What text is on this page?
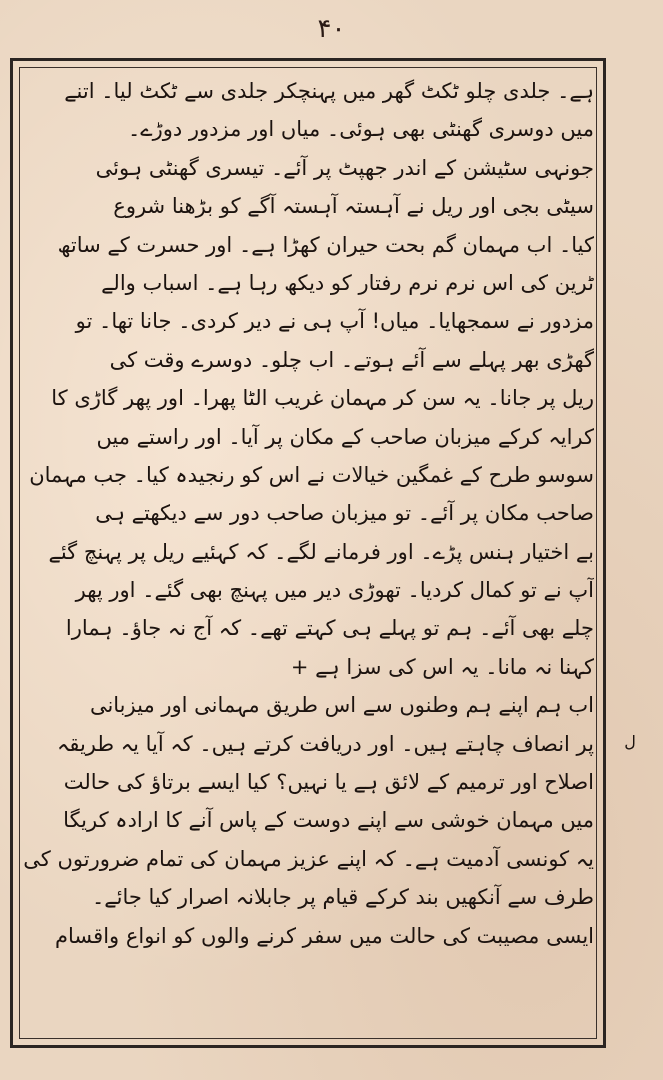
۴۰
ل
ہے۔ جلدی چلو ٹکٹ گھر میں پہنچکر جلدی سے ٹکٹ لیا۔ اتنے
میں دوسری گھنٹی بھی ہوئی۔ میاں اور مزدور دوڑے۔
جونہی سٹیشن کے اندر جھپٹ پر آئے۔ تیسری گھنٹی ہوئی
سیٹی بجی اور ریل نے آہستہ آہستہ آگے کو بڑھنا شروع
کیا۔ اب مہمان گم بحت حیران کھڑا ہے۔ اور حسرت کے ساتھ
ٹرین کی اس نرم نرم رفتار کو دیکھ رہا ہے۔ اسباب والے
مزدور نے سمجھایا۔ میاں! آپ ہی نے دیر کردی۔ جانا تھا۔ تو
گھڑی بھر پہلے سے آئے ہوتے۔ اب چلو۔ دوسرے وقت کی
ریل پر جانا۔ یہ سن کر مہمان غریب الٹا پھرا۔ اور پھر گاڑی کا
کرایہ کرکے میزبان صاحب کے مکان پر آیا۔ اور راستے میں
سوسو طرح کے غمگین خیالات نے اس کو رنجیدہ کیا۔ جب مہمان
صاحب مکان پر آئے۔ تو میزبان صاحب دور سے دیکھتے ہی
بے اختیار ہنس پڑے۔ اور فرمانے لگے۔ کہ کہئیے ریل پر پہنچ گئے
آپ نے تو کمال کردیا۔ تھوڑی دیر میں پہنچ بھی گئے۔ اور پھر
چلے بھی آئے۔ ہم تو پہلے ہی کہتے تھے۔ کہ آج نہ جاؤ۔ ہمارا
کہنا نہ مانا۔ یہ اس کی سزا ہے +
اب ہم اپنے ہم وطنوں سے اس طریق مہمانی اور میزبانی
پر انصاف چاہتے ہیں۔ اور دریافت کرتے ہیں۔ کہ آیا یہ طریقہ
اصلاح اور ترمیم کے لائق ہے یا نہیں؟ کیا ایسے برتاؤ کی حالت
میں مہمان خوشی سے اپنے دوست کے پاس آنے کا ارادہ کریگا
یہ کونسی آدمیت ہے۔ کہ اپنے عزیز مہمان کی تمام ضرورتوں کی
طرف سے آنکھیں بند کرکے قیام پر جابلانہ اصرار کیا جائے۔
ایسی مصیبت کی حالت میں سفر کرنے والوں کو انواع واقسام
